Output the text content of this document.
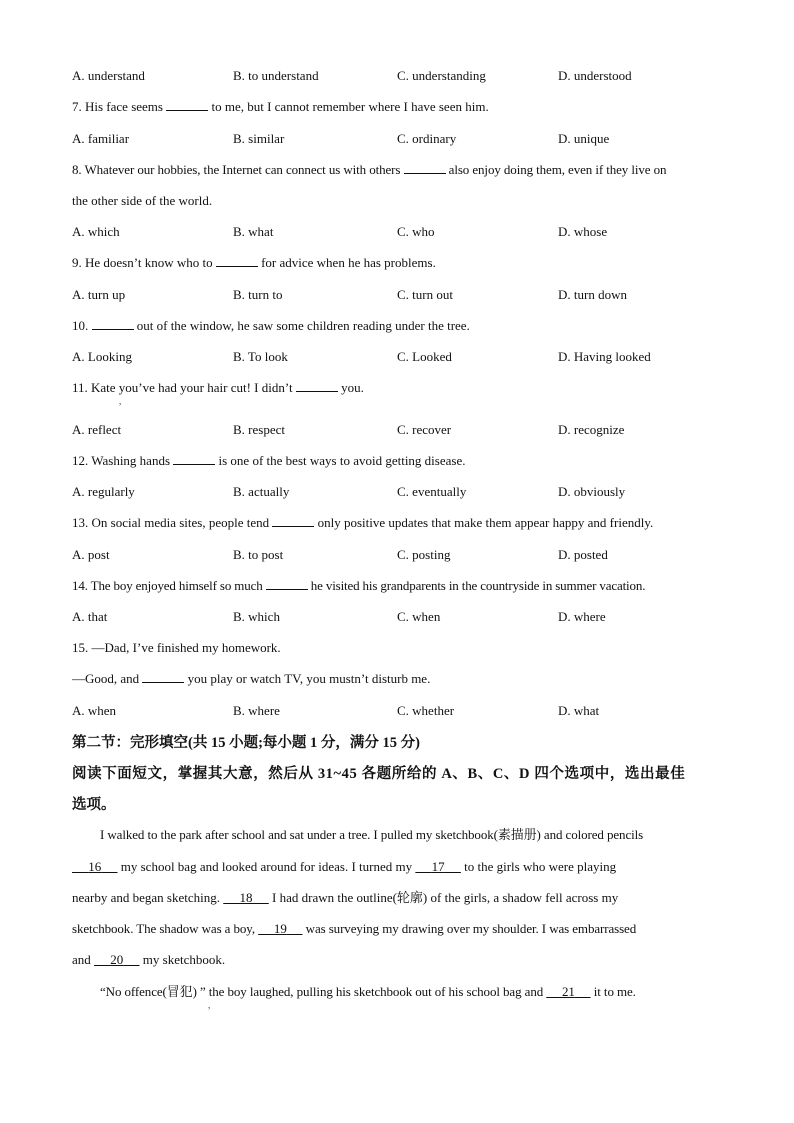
A. understand	B. to understand	C. understanding	D. understood
7. His face seems	to me, but I cannot remember where I have seen him.
A. familiar	B. similar	C. ordinary	D. unique
8. Whatever our hobbies, the Internet can connect us with others	also enjoy doing them, even if they live on
the other side of the world.
A. which	B. what	C. who	D. whose
9. He doesn’t know who to	for advice when he has problems.
A. turn up	B. turn to	C. turn out	D. turn down
10.	out of the window, he saw some children reading under the tree.
A. Looking	B. To look	C. Looked	D. Having looked
11. Kate you’ve had your hair cut! I didn’t	you.
,
A. reflect	B. respect	C. recover	D. recognize
12. Washing hands	is one of the best ways to avoid getting disease.
A. regularly	B. actually	C. eventually	D. obviously
13. On social media sites, people tend	only positive updates that make them appear happy and friendly.
A. post	B. to post	C. posting	D. posted
14. The boy enjoyed himself so much	he visited his grandparents in the countryside in summer vacation.
A. that	B. which	C. when	D. where
15. —Dad, I’ve finished my homework.
—Good, and	you play or watch TV, you mustn’t disturb me.
A. when	B. where	C. whether	D. what
第二节：完形填空(共 15 小题;每小题 1 分，满分 15 分)
阅读下面短文，掌握其大意，然后从 31~45 各题所给的 A、B、C、D 四个选项中，选出最佳
选项。
I walked to the park after school and sat under a tree. I pulled my sketchbook(素描册) and colored pencils
16      my school bag and looked around for ideas. I turned my      17      to the girls who were playing
nearby and began sketching.      18      I had drawn the outline(轮廓) of the girls, a shadow fell across my
sketchbook. The shadow was a boy,      19      was surveying my drawing over my shoulder. I was embarrassed
and      20      my sketchbook.
“No offence(冒犯) ” the boy laughed, pulling his sketchbook out of his school bag and      21      it to me.
,
